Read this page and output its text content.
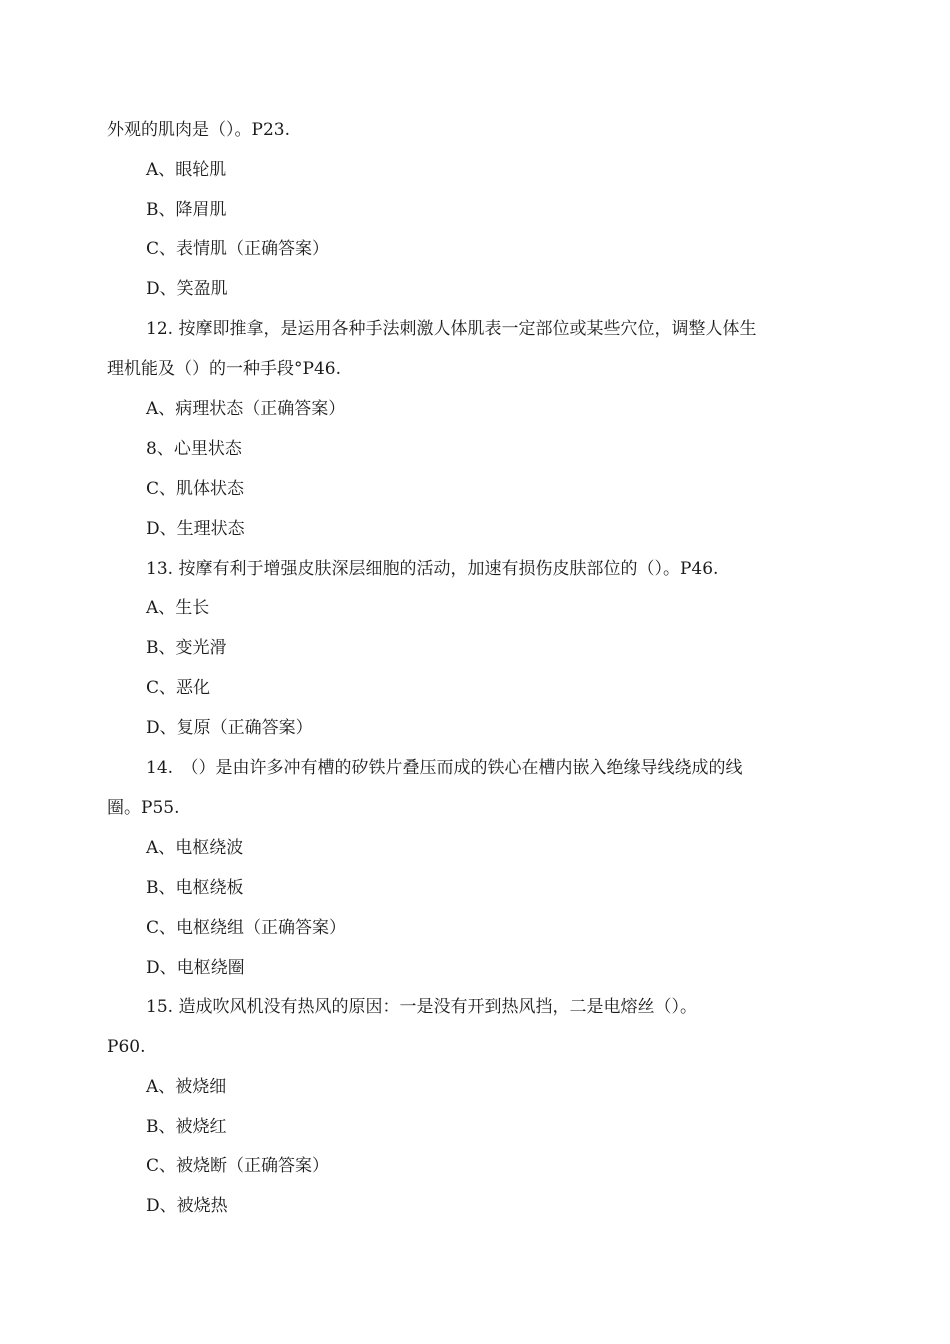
外观的肌肉是（）。P23.
A、眼轮肌
B、降眉肌
C、表情肌（正确答案）
D、笑盈肌
12. 按摩即推拿，是运用各种手法刺激人体肌表一定部位或某些穴位，调整人体生
理机能及（）的一种手段°P46.
A、病理状态（正确答案）
8、心里状态
C、肌体状态
D、生理状态
13. 按摩有利于增强皮肤深层细胞的活动，加速有损伤皮肤部位的（）。P46.
A、生长
B、变光滑
C、恶化
D、复原（正确答案）
14.　（）是由许多冲有槽的矽铁片叠压而成的铁心在槽内嵌入绝缘导线绕成的线
圈。P55.
A、电枢绕波
B、电枢绕板
C、电枢绕组（正确答案）
D、电枢绕圈
15. 造成吹风机没有热风的原因：一是没有开到热风挡，二是电熔丝（）。
P60.
A、被烧细
B、被烧红
C、被烧断（正确答案）
D、被烧热
